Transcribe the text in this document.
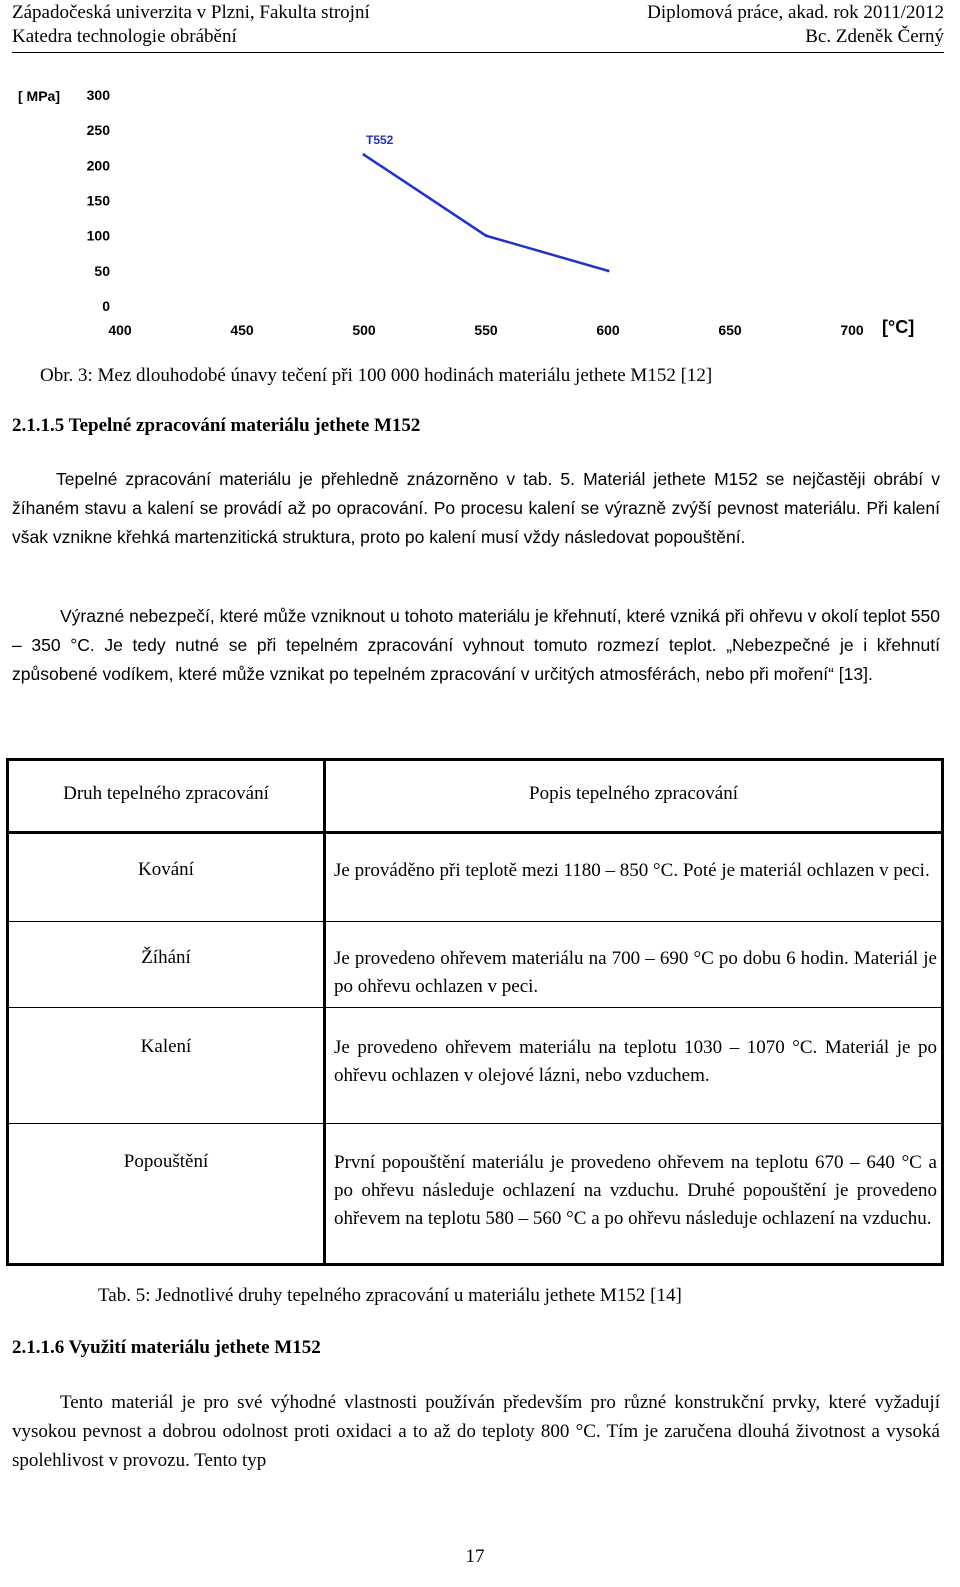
Západočeská univerzita v Plzni, Fakulta strojní	Diplomová práce, akad. rok 2011/2012
Katedra technologie obrábění	Bc. Zdeněk Černý
[ MPa] 300
250
200
150
100
50
0
400	450	500	550	600	650	700 [°C]
T552
Obr. 3: Mez dlouhodobé únavy tečení při 100 000 hodinách materiálu jethete M152 [12]
2.1.1.5 Tepelné zpracování materiálu jethete M152
Tepelné zpracování materiálu je přehledně znázorněno v tab. 5. Materiál jethete M152 se nejčastěji obrábí v žíhaném stavu a kalení se provádí až po opracování. Po procesu kalení se výrazně zvýší pevnost materiálu. Při kalení však vznikne křehká martenzitická struktura, proto po kalení musí vždy následovat popouštění.
Výrazné nebezpečí, které může vzniknout u tohoto materiálu je křehnutí, které vzniká při ohřevu v okolí teplot 550 – 350 °C. Je tedy nutné se při tepelném zpracování vyhnout tomuto rozmezí teplot. „Nebezpečné je i křehnutí způsobené vodíkem, které může vznikat po tepelném zpracování v určitých atmosférách, nebo při moření“ [13].
Druh tepelného zpracování	Popis tepelného zpracování
Kování	Je prováděno při teplotě mezi 1180 – 850 °C. Poté je materiál ochlazen v peci.
Žíhání	Je provedeno ohřevem materiálu na 700 – 690 °C po dobu 6 hodin. Materiál je po ohřevu ochlazen v peci.
Kalení	Je provedeno ohřevem materiálu na teplotu 1030 – 1070 °C. Materiál je po ohřevu ochlazen v olejové lázni, nebo vzduchem.
Popouštění	První popouštění materiálu je provedeno ohřevem na teplotu 670 – 640 °C a po ohřevu následuje ochlazení na vzduchu. Druhé popouštění je provedeno ohřevem na teplotu 580 – 560 °C a po ohřevu následuje ochlazení na vzduchu.
Tab. 5: Jednotlivé druhy tepelného zpracování u materiálu jethete M152 [14]
2.1.1.6 Využití materiálu jethete M152
Tento materiál je pro své výhodné vlastnosti používán především pro různé konstrukční prvky, které vyžadují vysokou pevnost a dobrou odolnost proti oxidaci a to až do teploty 800 °C. Tím je zaručena dlouhá životnost a vysoká spolehlivost v provozu. Tento typ
17
